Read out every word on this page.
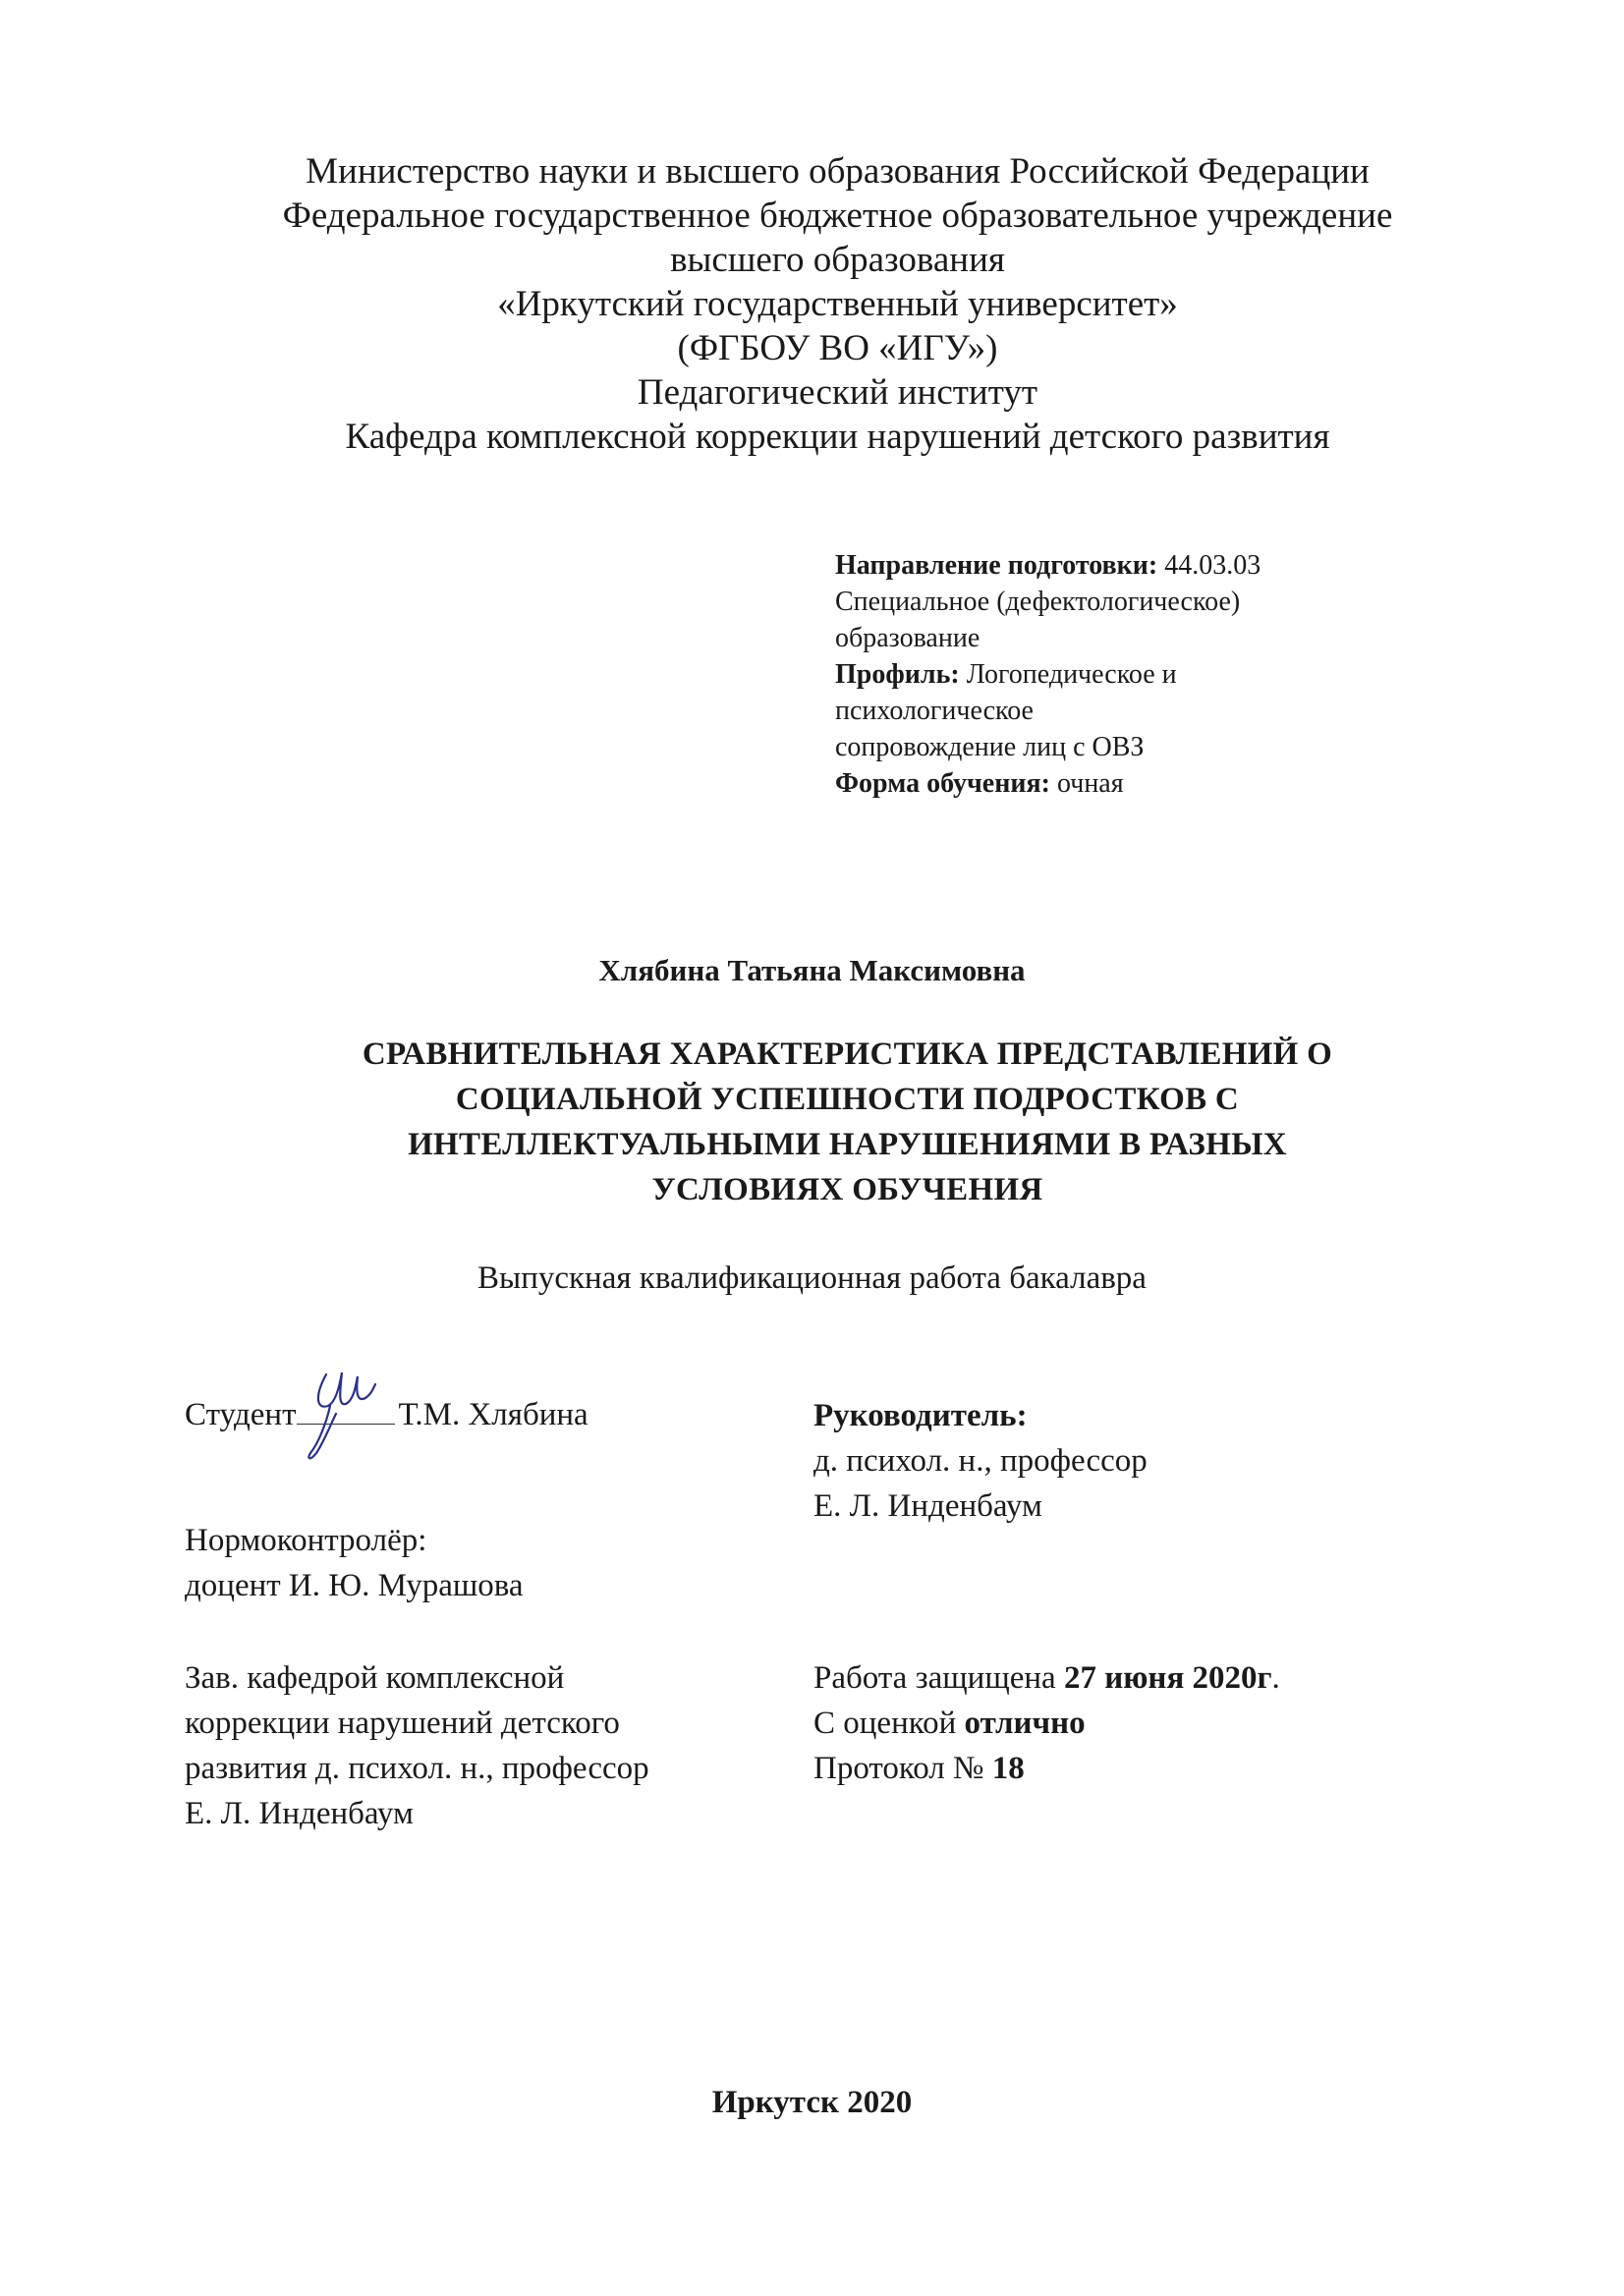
Министерство науки и высшего образования Российской Федерации
Федеральное государственное бюджетное образовательное учреждение
высшего образования
«Иркутский государственный университет»
(ФГБОУ ВО «ИГУ»)
Педагогический институт
Кафедра комплексной коррекции нарушений детского развития
Направление подготовки: 44.03.03
Специальное (дефектологическое)
образование
Профиль: Логопедическое и
психологическое
сопровождение лиц с ОВЗ
Форма обучения: очная
Хлябина Татьяна Максимовна
СРАВНИТЕЛЬНАЯ ХАРАКТЕРИСТИКА ПРЕДСТАВЛЕНИЙ О
СОЦИАЛЬНОЙ УСПЕШНОСТИ ПОДРОСТКОВ С
ИНТЕЛЛЕКТУАЛЬНЫМИ НАРУШЕНИЯМИ В РАЗНЫХ
УСЛОВИЯХ ОБУЧЕНИЯ
Выпускная квалификационная работа бакалавра
Студент	Т.М. Хлябина	Руководитель:
д. психол. н., профессор
Е. Л. Инденбаум
Нормоконтролёр:
доцент И. Ю. Мурашова
Зав. кафедрой комплексной
коррекции нарушений детского
развития д. психол. н., профессор
Е. Л. Инденбаум
Работа защищена 27 июня 2020г.
С оценкой отлично
Протокол № 18
Иркутск 2020
